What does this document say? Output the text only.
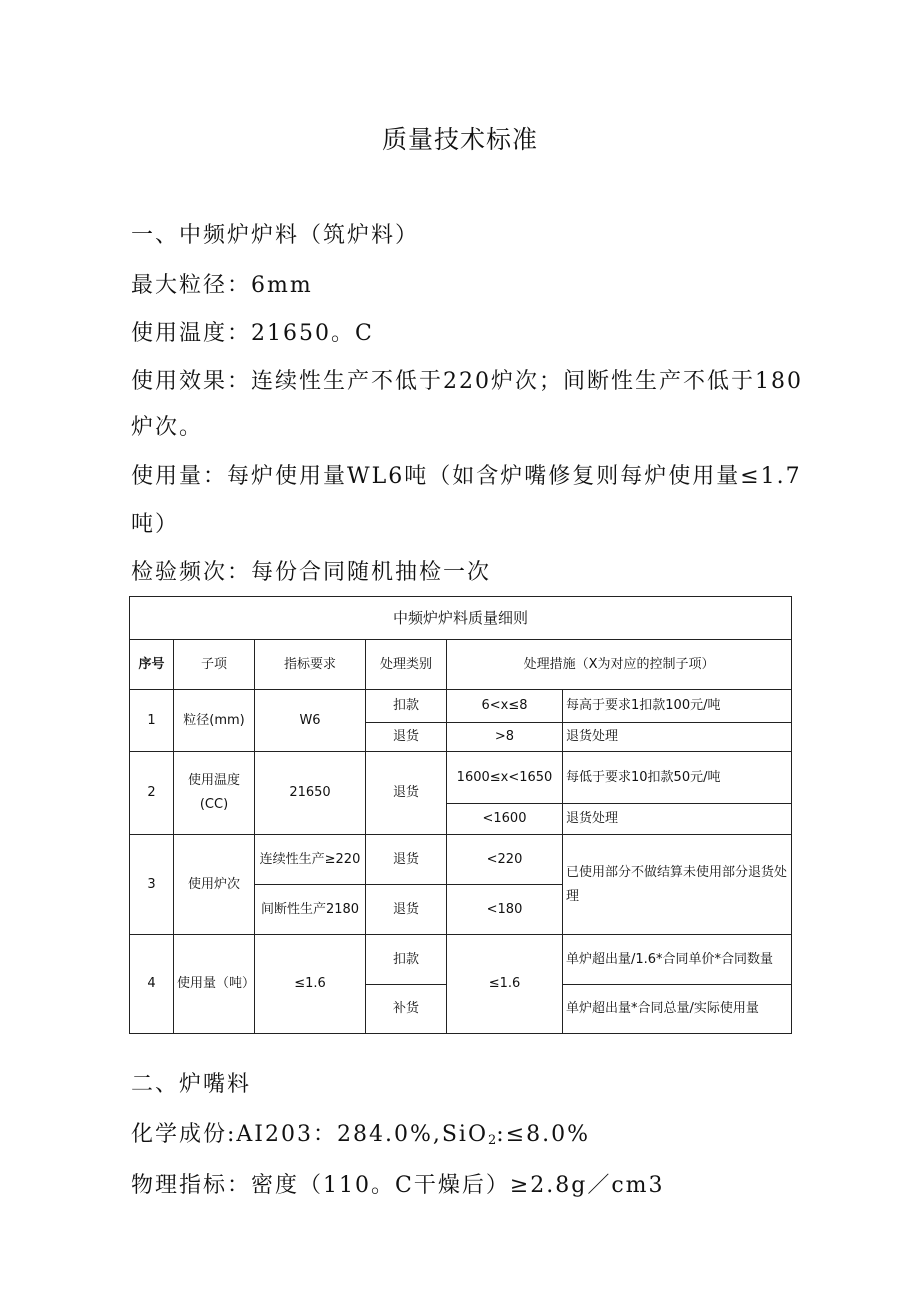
质量技术标准
一、中频炉炉料（筑炉料）
最大粒径：6mm
使用温度：21650。C
使用效果：连续性生产不低于220炉次；间断性生产不低于180
炉次。
使用量：每炉使用量WL6吨（如含炉嘴修复则每炉使用量≤1.7
吨）
检验频次：每份合同随机抽检一次
中频炉炉料质量细则					
序号	子项	指标要求	处理类别	处理措施（X为对应的控制子项）	
1	粒径(mm)	W6	扣款	6<x≤8	每高于要求1扣款100元/吨
			退货	>8	退货处理
2	使用温度(CC)	21650	退货	1600≤x<1650	每低于要求10扣款50元/吨
				<1600	退货处理
3	使用炉次	连续性生产≥220	退货	<220	已使用部分不做结算未使用部分退货处理
		间断性生产2180	退货	<180	
4	使用量（吨）	≤1.6	扣款	≤1.6	单炉超出量/1.6*合同单价*合同数量
			补货		单炉超出量*合同总量/实际使用量
二、炉嘴料
化学成份:AI203：284.0%,SiO2:≤8.0%
物理指标：密度（110。C干燥后）≥2.8g／cm3
